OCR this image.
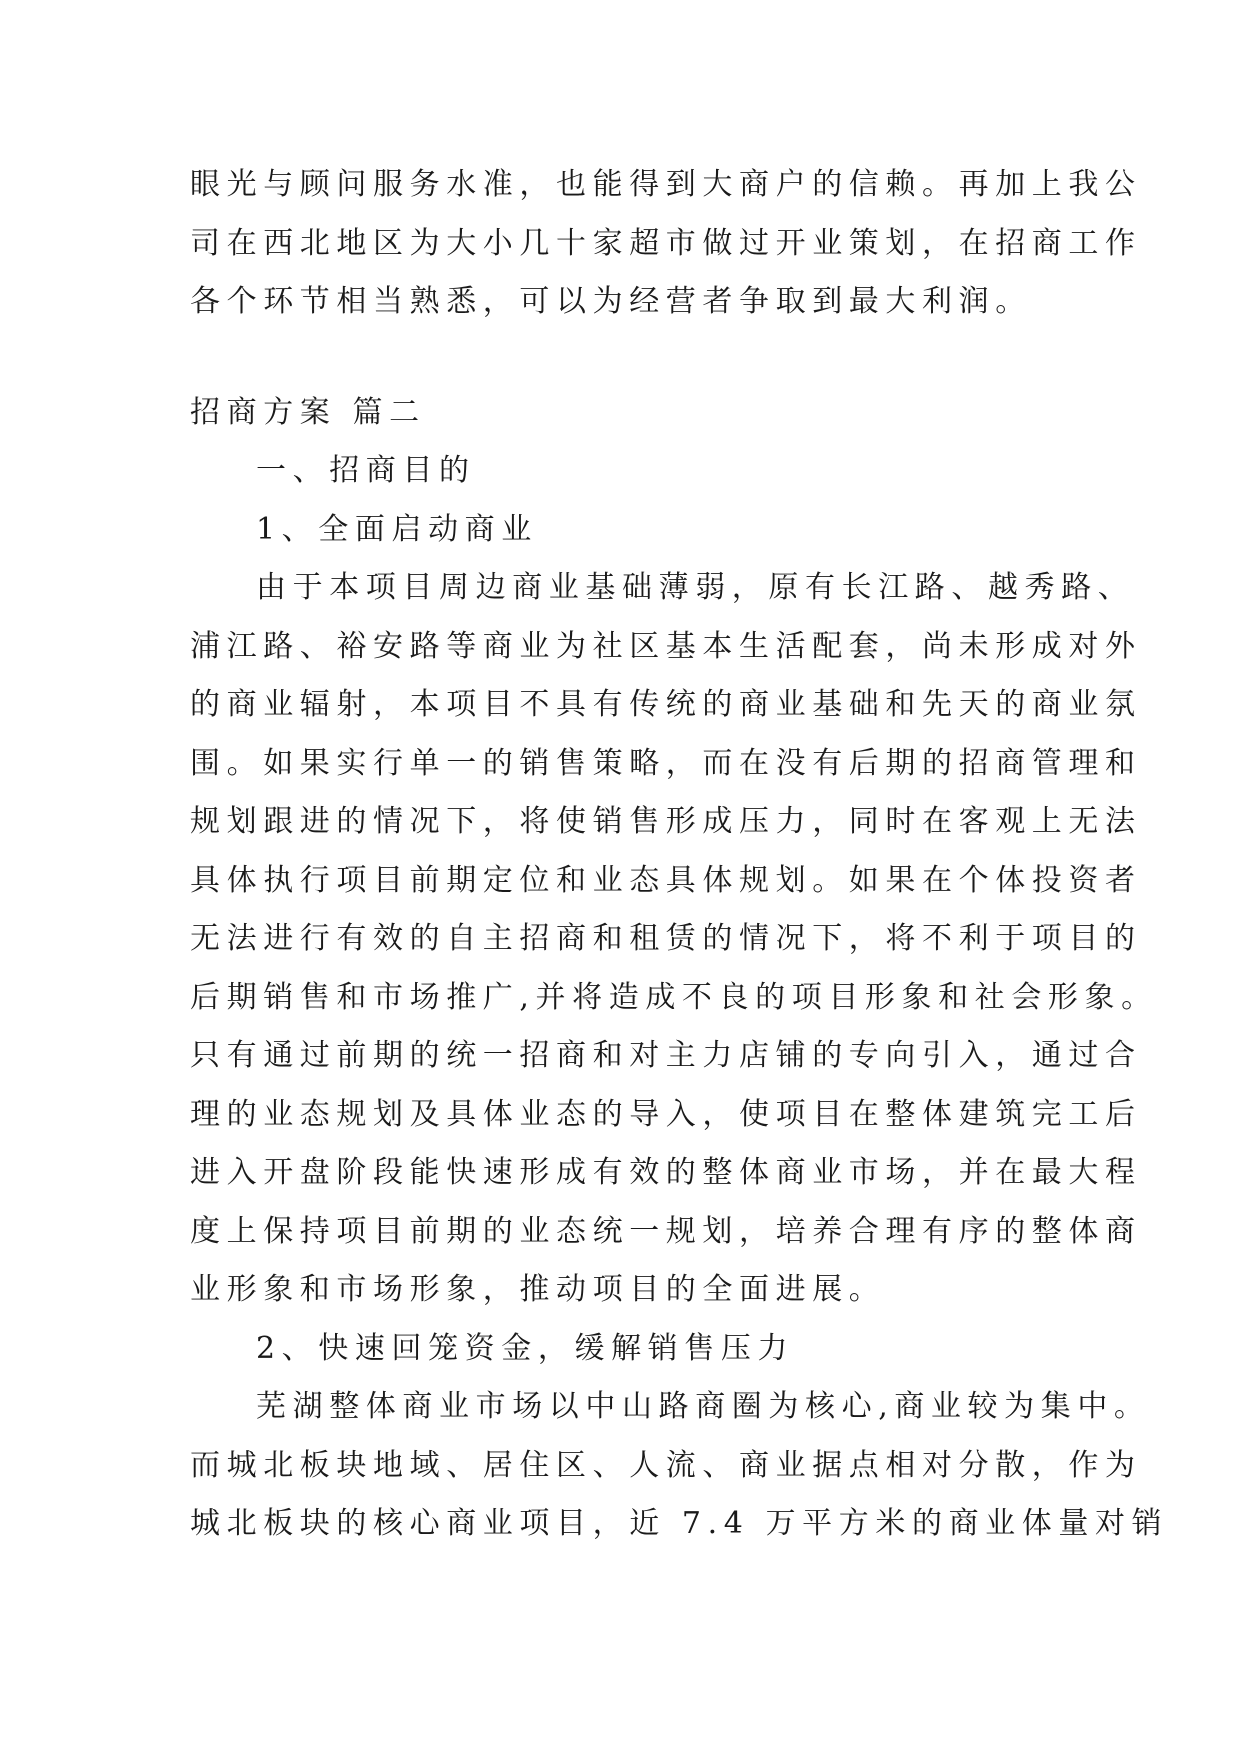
眼光与顾问服务水准，也能得到大商户的信赖。再加上我公
司在西北地区为大小几十家超市做过开业策划，在招商工作
各个环节相当熟悉，可以为经营者争取到最大利润。
招商方案 篇二
一、招商目的
1、全面启动商业
由于本项目周边商业基础薄弱，原有长江路、越秀路、
浦江路、裕安路等商业为社区基本生活配套，尚未形成对外
的商业辐射，本项目不具有传统的商业基础和先天的商业氛
围。如果实行单一的销售策略，而在没有后期的招商管理和
规划跟进的情况下，将使销售形成压力，同时在客观上无法
具体执行项目前期定位和业态具体规划。如果在个体投资者
无法进行有效的自主招商和租赁的情况下，将不利于项目的
后期销售和市场推广,并将造成不良的项目形象和社会形象。
只有通过前期的统一招商和对主力店铺的专向引入，通过合
理的业态规划及具体业态的导入，使项目在整体建筑完工后
进入开盘阶段能快速形成有效的整体商业市场，并在最大程
度上保持项目前期的业态统一规划，培养合理有序的整体商
业形象和市场形象，推动项目的全面进展。
2、快速回笼资金，缓解销售压力
芜湖整体商业市场以中山路商圈为核心,商业较为集中。
而城北板块地域、居住区、人流、商业据点相对分散，作为
城北板块的核心商业项目，近 7.4 万平方米的商业体量对销
